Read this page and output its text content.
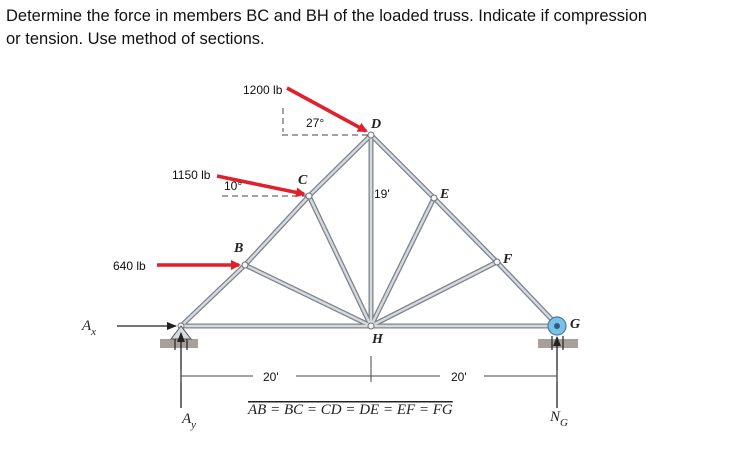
Determine the force in members BC and BH of the loaded truss. Indicate if compression
or tension. Use method of sections.
1200 lb
27°
1150 lb
10°
640 lb
B
C
D
E
F
G
H
19'
20'	20'
$A_x$
$A_y$	$N_G$
AB = BC = CD = DE = EF = FG
